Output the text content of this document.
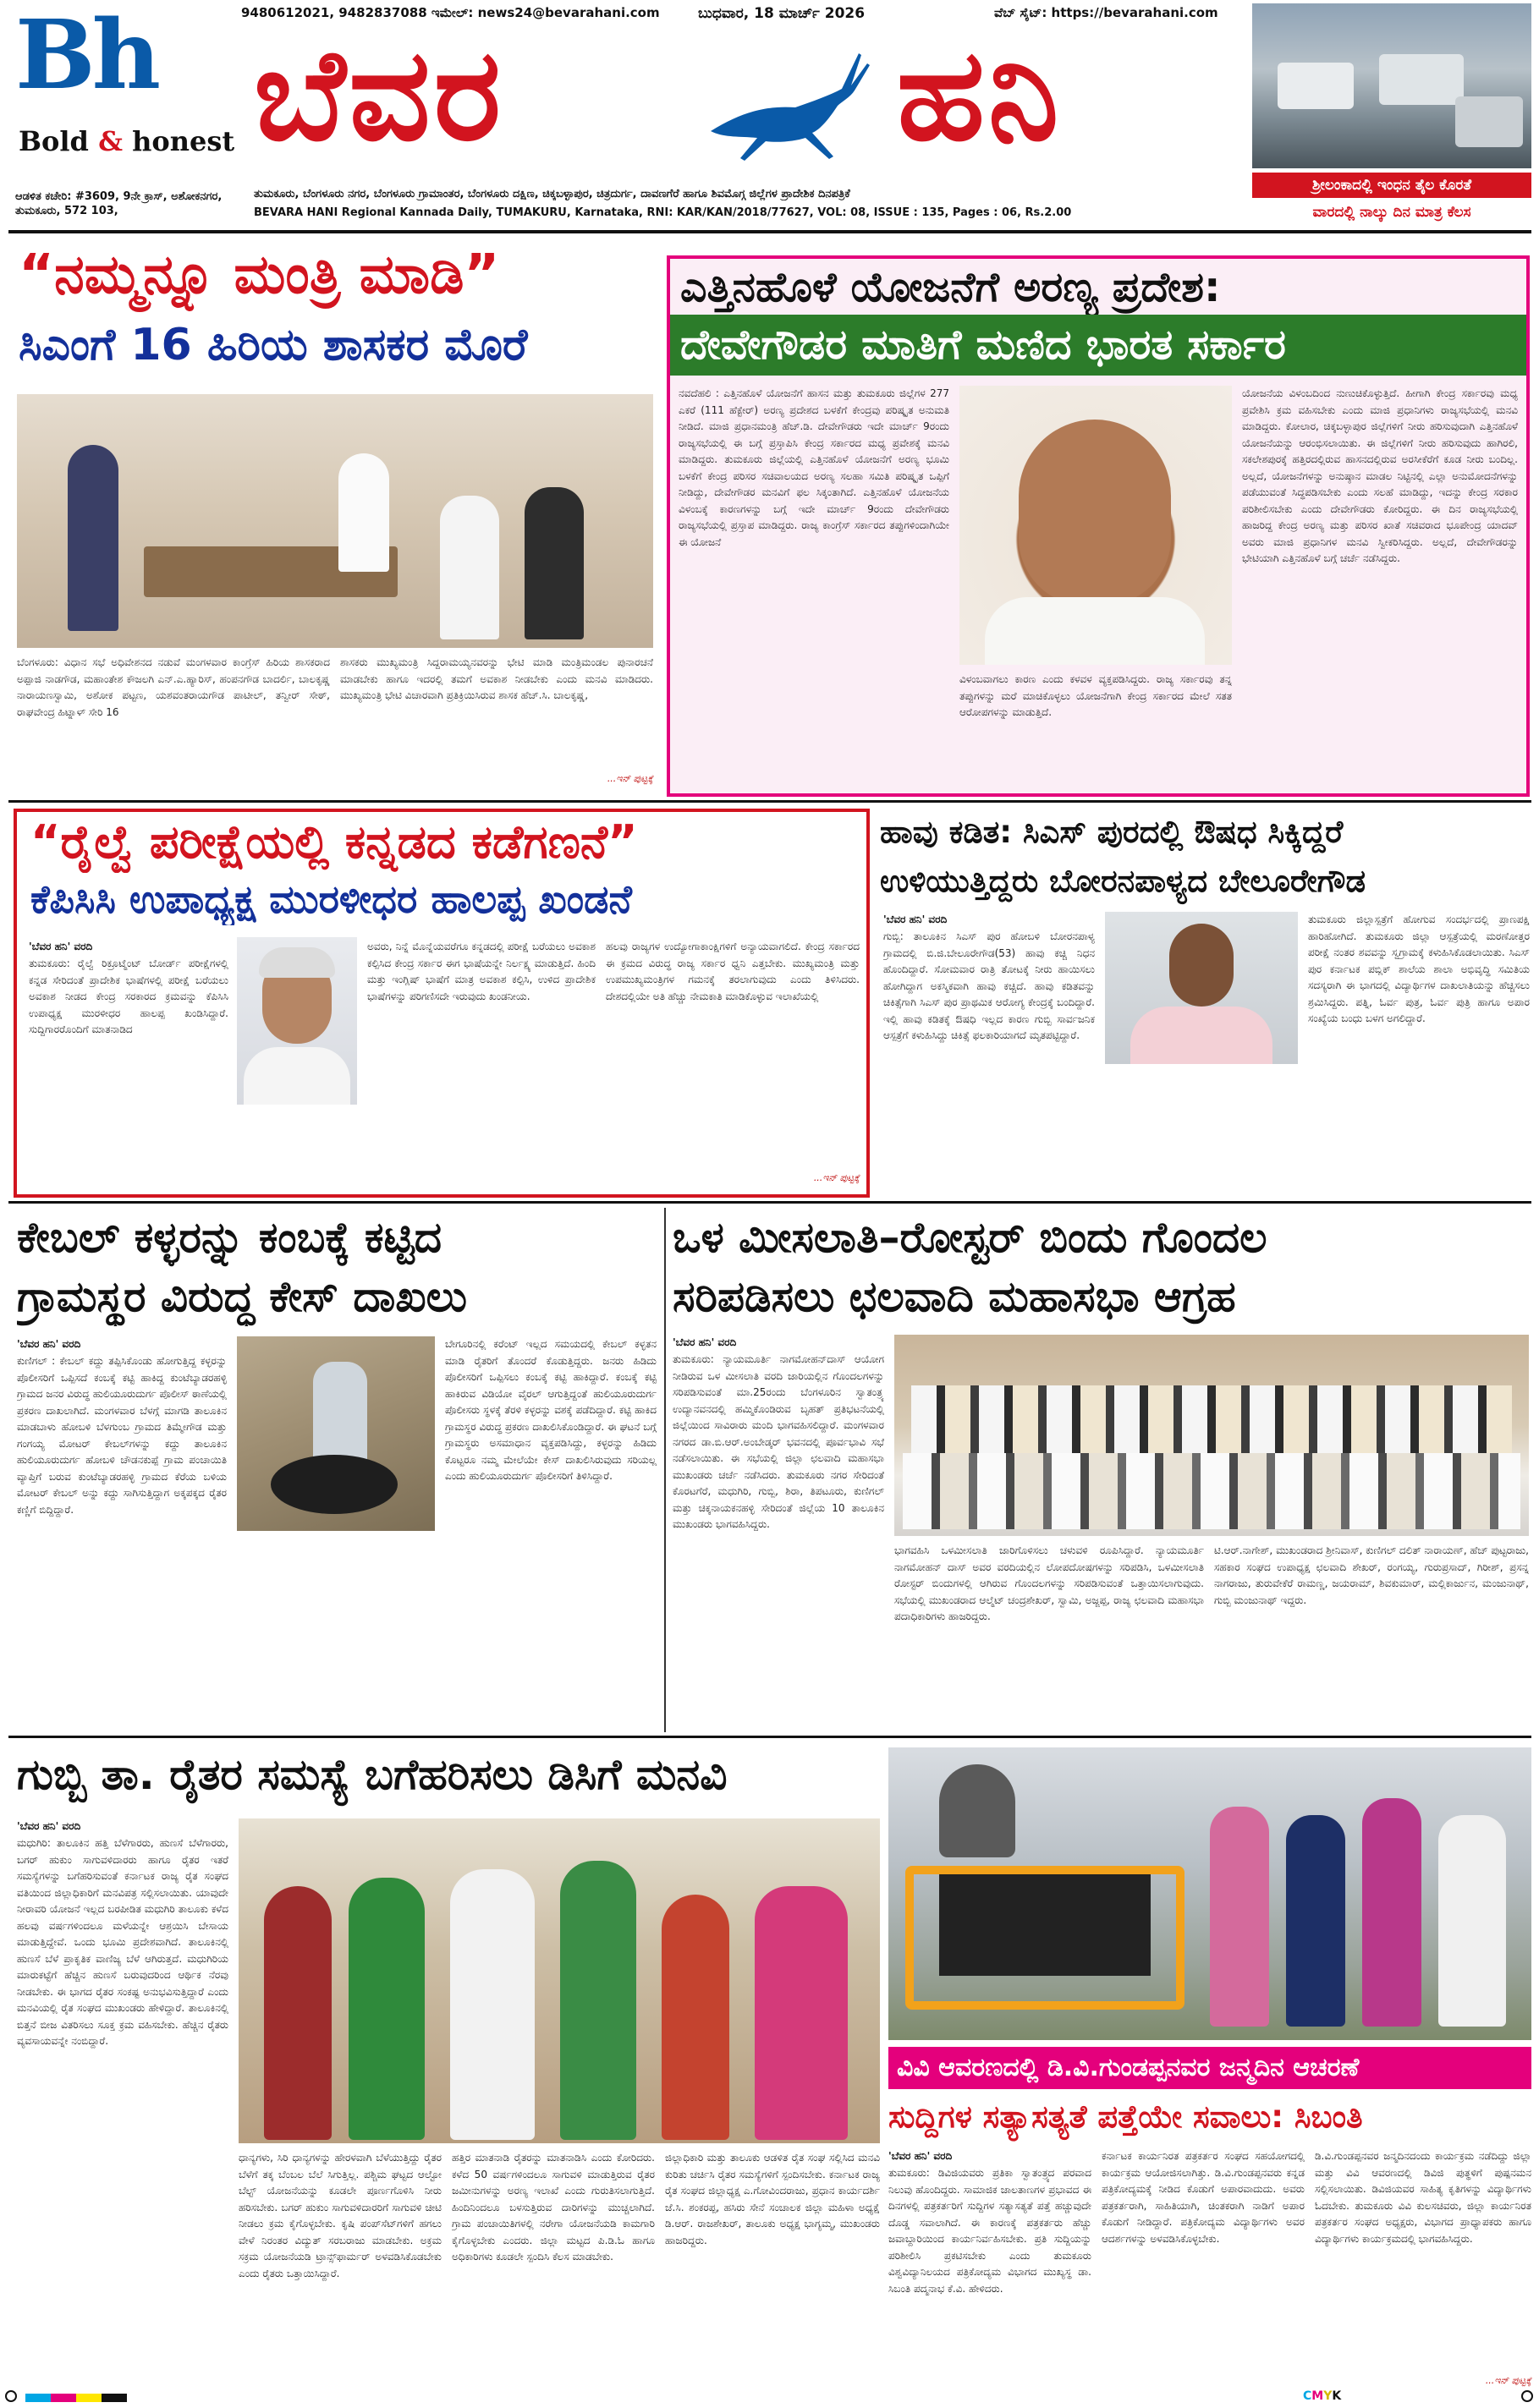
Bh
Bold & honest
9480612021, 9482837088 ಇಮೇಲ್: news24@bevarahani.com	ಬುಧವಾರ, 18 ಮಾರ್ಚ್ 2026	ವೆಬ್ ಸೈಟ್: https://bevarahani.com
ಬೆವರ	ಹನಿ
ಶ್ರೀಲಂಕಾದಲ್ಲಿ ಇಂಧನ ತೈಲ ಕೊರತೆ
ವಾರದಲ್ಲಿ ನಾಲ್ಕು ದಿನ ಮಾತ್ರ ಕೆಲಸ
ಆಡಳಿತ ಕಚೇರಿ: #3609, 9ನೇ ಕ್ರಾಸ್, ಅಶೋಕನಗರ, ತುಮಕೂರು, 572 103,
ತುಮಕೂರು, ಬೆಂಗಳೂರು ನಗರ, ಬೆಂಗಳೂರು ಗ್ರಾಮಾಂತರ, ಬೆಂಗಳೂರು ದಕ್ಷಿಣ, ಚಿಕ್ಕಬಳ್ಳಾಪುರ, ಚಿತ್ರದುರ್ಗ, ದಾವಣಗೆರೆ ಹಾಗೂ ಶಿವಮೊಗ್ಗ ಜಿಲ್ಲೆಗಳ ಪ್ರಾದೇಶಿಕ ದಿನಪತ್ರಿಕೆ
BEVARA HANI Regional Kannada Daily, TUMAKURU, Karnataka, RNI: KAR/KAN/2018/77627, VOL: 08, ISSUE : 135, Pages : 06, Rs.2.00
“ನಮ್ಮನ್ನೂ ಮಂತ್ರಿ ಮಾಡಿ”
ಸಿಎಂಗೆ 16 ಹಿರಿಯ ಶಾಸಕರ ಮೊರೆ
ಬೆಂಗಳೂರು: ವಿಧಾನ ಸಭೆ ಅಧಿವೇಶನದ ನಡುವೆ ಮಂಗಳವಾರ ಕಾಂಗ್ರೆಸ್ ಹಿರಿಯ ಶಾಸಕರಾದ ಅಪ್ಪಾಜಿ ನಾಡಗೌಡ, ಮಹಾಂತೇಶ ಕೌಜಲಗಿ ಎನ್.ಎ.ಹ್ಯಾರಿಸ್, ಹಂಪನಗೌಡ ಬಾದರ್ಲಿ, ಬಾಲಕೃಷ್ಣ ನಾರಾಯಣಸ್ವಾಮಿ, ಅಶೋಕ ಪಟ್ಟಣ, ಯಶವಂತರಾಯಗೌಡ ಪಾಟೀಲ್, ತನ್ವೀರ್ ಸೇಠ್, ರಾಘವೇಂದ್ರ ಹಿಟ್ನಾಳ್ ಸೇರಿ 16
ಶಾಸಕರು ಮುಖ್ಯಮಂತ್ರಿ ಸಿದ್ದರಾಮಯ್ಯನವರನ್ನು ಭೇಟಿ ಮಾಡಿ ಮಂತ್ರಿಮಂಡಲ ಪುನಾರಚನೆ ಮಾಡಬೇಕು ಹಾಗೂ ಇದರಲ್ಲಿ ತಮಗೆ ಅವಕಾಶ ನೀಡಬೇಕು ಎಂದು ಮನವಿ ಮಾಡಿದರು. ಮುಖ್ಯಮಂತ್ರಿ ಭೇಟಿ ವಿಚಾರವಾಗಿ ಪ್ರತಿಕ್ರಿಯಿಸಿರುವ ಶಾಸಕ ಹೆಚ್.ಸಿ. ಬಾಲಕೃಷ್ಣ,
...ಇನ್ ಪುಟ್ಟಕ್ಕೆ
ಎತ್ತಿನಹೊಳೆ ಯೋಜನೆಗೆ ಅರಣ್ಯ ಪ್ರದೇಶ:
ದೇವೇಗೌಡರ ಮಾತಿಗೆ ಮಣಿದ ಭಾರತ ಸರ್ಕಾರ
ನವದೆಹಲಿ : ಎತ್ತಿನಹೊಳೆ ಯೋಜನೆಗೆ ಹಾಸನ ಮತ್ತು ತುಮಕೂರು ಜಿಲ್ಲೆಗಳ 277 ಎಕರೆ (111 ಹೆಕ್ಟೇರ್) ಅರಣ್ಯ ಪ್ರದೇಶದ ಬಳಕೆಗೆ ಕೇಂದ್ರವು ಪರಿಷ್ಕೃತ ಅನುಮತಿ ನೀಡಿದೆ. ಮಾಜಿ ಪ್ರಧಾನಮಂತ್ರಿ ಹೆಚ್.ಡಿ. ದೇವೇಗೌಡರು ಇದೇ ಮಾರ್ಚ್ 9ರಂದು ರಾಜ್ಯಸಭೆಯಲ್ಲಿ ಈ ಬಗ್ಗೆ ಪ್ರಸ್ತಾಪಿಸಿ ಕೇಂದ್ರ ಸರ್ಕಾರದ ಮಧ್ಯ ಪ್ರವೇಶಕ್ಕೆ ಮನವಿ ಮಾಡಿದ್ದರು. ತುಮಕೂರು ಜಿಲ್ಲೆಯಲ್ಲಿ ಎತ್ತಿನಹೊಳೆ ಯೋಜನೆಗೆ ಅರಣ್ಯ ಭೂಮಿ ಬಳಕೆಗೆ ಕೇಂದ್ರ ಪರಿಸರ ಸಚಿವಾಲಯದ ಅರಣ್ಯ ಸಲಹಾ ಸಮಿತಿ ಪರಿಷ್ಕೃತ ಒಪ್ಪಿಗೆ ನೀಡಿದ್ದು, ದೇವೇಗೌಡರ ಮನವಿಗೆ ಫಲ ಸಿಕ್ಕಂತಾಗಿದೆ. ಎತ್ತಿನಹೊಳೆ ಯೋಜನೆಯ ವಿಳಂಬಕ್ಕೆ ಕಾರಣಗಳನ್ನು ಬಗ್ಗೆ ಇದೇ ಮಾರ್ಚ್ 9ರಂದು ದೇವೇಗೌಡರು ರಾಜ್ಯಸಭೆಯಲ್ಲಿ ಪ್ರಸ್ತಾಪ ಮಾಡಿದ್ದರು. ರಾಜ್ಯ ಕಾಂಗ್ರೆಸ್ ಸರ್ಕಾರದ ತಪ್ಪುಗಳಿಂದಾಗಿಯೇ ಈ ಯೋಜನೆ
ವಿಳಂಬವಾಗಲು ಕಾರಣ ಎಂದು ಕಳವಳ ವ್ಯಕ್ತಪಡಿಸಿದ್ದರು. ರಾಜ್ಯ ಸರ್ಕಾರವು ತನ್ನ ತಪ್ಪುಗಳನ್ನು ಮರೆ ಮಾಚಿಕೊಳ್ಳಲು ಯೋಜನೆಗಾಗಿ ಕೇಂದ್ರ ಸರ್ಕಾರದ ಮೇಲೆ ಸತತ ಆರೋಪಗಳನ್ನು ಮಾಡುತ್ತಿದೆ.
ಯೋಜನೆಯ ವಿಳಂಬದಿಂದ ನುಣುಚಿಕೊಳ್ಳುತ್ತಿದೆ. ಹೀಗಾಗಿ ಕೇಂದ್ರ ಸರ್ಕಾರವು ಮಧ್ಯ ಪ್ರವೇಶಿಸಿ ಕ್ರಮ ವಹಿಸಬೇಕು ಎಂದು ಮಾಜಿ ಪ್ರಧಾನಿಗಳು ರಾಜ್ಯಸಭೆಯಲ್ಲಿ ಮನವಿ ಮಾಡಿದ್ದರು. ಕೋಲಾರ, ಚಿಕ್ಕಬಳ್ಳಾಪುರ ಜಿಲ್ಲೆಗಳಿಗೆ ನೀರು ಹರಿಸುವುದಾಗಿ ಎತ್ತಿನಹೊಳೆ ಯೋಜನೆಯನ್ನು ಆರಂಭಿಸಲಾಯಿತು. ಈ ಜಿಲ್ಲೆಗಳಿಗೆ ನೀರು ಹರಿಸುವುದು ಹಾಗಿರಲಿ, ಸಕಲೇಶಪುರಕ್ಕೆ ಹತ್ತಿರದಲ್ಲಿರುವ ಹಾಸನದಲ್ಲಿರುವ ಅರಸೀಕೆರೆಗೆ ಕೂಡ ನೀರು ಬಂದಿಲ್ಲ. ಅಲ್ಲದೆ, ಯೋಜನೆಗಳನ್ನು ಅನುಷ್ಠಾನ ಮಾಡಲ ನಿಟ್ಟಿನಲ್ಲಿ ಎಲ್ಲಾ ಅನುಮೋದನೆಗಳನ್ನು ಪಡೆಯುವಂತೆ ಸಿದ್ಧಪಡಿಸಬೇಕು ಎಂದು ಸಲಹೆ ಮಾಡಿದ್ದು, ಇದನ್ನು ಕೇಂದ್ರ ಸರಕಾರ ಪರಿಶೀಲಿಸಬೇಕು ಎಂದು ದೇವೇಗೌಡರು ಕೋರಿದ್ದರು. ಈ ದಿನ ರಾಜ್ಯಸಭೆಯಲ್ಲಿ ಹಾಜರಿದ್ದ ಕೇಂದ್ರ ಅರಣ್ಯ ಮತ್ತು ಪರಿಸರ ಖಾತೆ ಸಚಿವರಾದ ಭೂಪೇಂದ್ರ ಯಾದವ್ ಅವರು ಮಾಜಿ ಪ್ರಧಾನಿಗಳ ಮನವಿ ಸ್ವೀಕರಿಸಿದ್ದರು. ಅಲ್ಲದೆ, ದೇವೇಗೌಡರನ್ನು ಭೇಟಿಯಾಗಿ ಎತ್ತಿನಹೊಳೆ ಬಗ್ಗೆ ಚರ್ಚೆ ನಡೆಸಿದ್ದರು.
“ರೈಲ್ವೆ ಪರೀಕ್ಷೆಯಲ್ಲಿ ಕನ್ನಡದ ಕಡೆಗಣನೆ”
ಕೆಪಿಸಿಸಿ ಉಪಾಧ್ಯಕ್ಷ ಮುರಳೀಧರ ಹಾಲಪ್ಪ ಖಂಡನೆ
'ಬೆವರ ಹನಿ' ವರದಿ
ತುಮಕೂರು: ರೈಲ್ವೆ ರಿಕ್ರೂಟ್ಮೆಂಟ್ ಬೋರ್ಡ್ ಪರೀಕ್ಷೆಗಳಲ್ಲಿ ಕನ್ನಡ ಸೇರಿದಂತೆ ಪ್ರಾದೇಶಿಕ ಭಾಷೆಗಳಲ್ಲಿ ಪರೀಕ್ಷೆ ಬರೆಯಲು ಅವಕಾಶ ನೀಡದ ಕೇಂದ್ರ ಸರಕಾರದ ಕ್ರಮವನ್ನು ಕೆಪಿಸಿಸಿ ಉಪಾಧ್ಯಕ್ಷ ಮುರಳೀಧರ ಹಾಲಪ್ಪ ಖಂಡಿಸಿದ್ದಾರೆ. ಸುದ್ದಿಗಾರರೊಂದಿಗೆ ಮಾತನಾಡಿದ
ಅವರು, ನಿನ್ನೆ ಮೊನ್ನೆಯವರೆಗೂ ಕನ್ನಡದಲ್ಲಿ ಪರೀಕ್ಷೆ ಬರೆಯಲು ಅವಕಾಶ ಕಲ್ಪಿಸಿದ ಕೇಂದ್ರ ಸರ್ಕಾರ ಈಗ ಭಾಷೆಯನ್ನೇ ನಿರ್ಲಕ್ಷ್ಯ ಮಾಡುತ್ತಿದೆ. ಹಿಂದಿ ಮತ್ತು ಇಂಗ್ಲಿಷ್ ಭಾಷೆಗೆ ಮಾತ್ರ ಅವಕಾಶ ಕಲ್ಪಿಸಿ, ಉಳಿದ ಪ್ರಾದೇಶಿಕ ಭಾಷೆಗಳನ್ನು ಪರಿಗಣಿಸದೇ ಇರುವುದು ಖಂಡನೀಯ.
ಹಲವು ರಾಜ್ಯಗಳ ಉದ್ಯೋಗಾಕಾಂಕ್ಷಿಗಳಿಗೆ ಅನ್ಯಾಯವಾಗಲಿದೆ. ಕೇಂದ್ರ ಸರ್ಕಾರದ ಈ ಕ್ರಮದ ವಿರುದ್ಧ ರಾಜ್ಯ ಸರ್ಕಾರ ಧ್ವನಿ ಎತ್ತಬೇಕು. ಮುಖ್ಯಮಂತ್ರಿ ಮತ್ತು ಉಪಮುಖ್ಯಮಂತ್ರಿಗಳ ಗಮನಕ್ಕೆ ತರಲಾಗುವುದು ಎಂದು ತಿಳಿಸಿದರು. ದೇಶದಲ್ಲಿಯೇ ಅತಿ ಹೆಚ್ಚು ನೇಮಕಾತಿ ಮಾಡಿಕೊಳ್ಳುವ ಇಲಾಖೆಯಲ್ಲಿ
...ಇನ್ ಪುಟ್ಟಕ್ಕೆ
ಹಾವು ಕಡಿತ: ಸಿಎಸ್ ಪುರದಲ್ಲಿ ಔಷಧ ಸಿಕ್ಕಿದ್ದರೆ
ಉಳಿಯುತ್ತಿದ್ದರು ಬೋರನಪಾಳ್ಯದ ಬೇಲೂರೇಗೌಡ
'ಬೆವರ ಹನಿ' ವರದಿ
ಗುಬ್ಬಿ: ತಾಲೂಕಿನ ಸಿಎಸ್ ಪುರ ಹೋಬಳಿ ಬೋರನಪಾಳ್ಯ ಗ್ರಾಮದಲ್ಲಿ ಬಿ.ಜಿ.ಬೇಲೂರೇಗೌಡ(53) ಹಾವು ಕಚ್ಚಿ ನಿಧನ ಹೊಂದಿದ್ದಾರೆ. ಸೋಮವಾರ ರಾತ್ರಿ ತೋಟಕ್ಕೆ ನೀರು ಹಾಯಿಸಲು ಹೋಗಿದ್ದಾಗ ಅಕಸ್ಮಿಕವಾಗಿ ಹಾವು ಕಚ್ಚಿದೆ. ಹಾವು ಕಡಿತವನ್ನು ಚಿಕಿತ್ಸೆಗಾಗಿ ಸಿಎಸ್ ಪುರ ಪ್ರಾಥಮಿಕ ಆರೋಗ್ಯ ಕೇಂದ್ರಕ್ಕೆ ಬಂದಿದ್ದಾರೆ. ಇಲ್ಲಿ ಹಾವು ಕಡಿತಕ್ಕೆ ಔಷಧಿ ಇಲ್ಲದ ಕಾರಣ ಗುಬ್ಬಿ ಸಾರ್ವಜನಿಕ ಆಸ್ಪತ್ರೆಗೆ ಕಳುಹಿಸಿದ್ದು ಚಿಕಿತ್ಸೆ ಫಲಕಾರಿಯಾಗದೆ ಮೃತಪಟ್ಟಿದ್ದಾರೆ.
ತುಮಕೂರು ಜಿಲ್ಲಾಸ್ಪತ್ರೆಗೆ ಹೋಗುವ ಸಂದರ್ಭದಲ್ಲಿ ಪ್ರಾಣಪಕ್ಷಿ ಹಾರಿಹೋಗಿದೆ. ತುಮಕೂರು ಜಿಲ್ಲಾ ಆಸ್ಪತ್ರೆಯಲ್ಲಿ ಮರಣೋತ್ತರ ಪರೀಕ್ಷೆ ನಂತರ ಶವವನ್ನು ಸ್ವಗ್ರಾಮಕ್ಕೆ ಕಳುಹಿಸಿಕೊಡಲಾಯಿತು. ಸಿಎಸ್ ಪುರ ಕರ್ನಾಟಕ ಪಬ್ಲಿಕ್ ಶಾಲೆಯ ಶಾಲಾ ಅಭಿವೃದ್ಧಿ ಸಮಿತಿಯ ಸದಸ್ಯರಾಗಿ ಈ ಭಾಗದಲ್ಲಿ ವಿದ್ಯಾರ್ಥಿಗಳ ದಾಖಲಾತಿಯನ್ನು ಹೆಚ್ಚಿಸಲು ಶ್ರಮಿಸಿದ್ದರು. ಪತ್ನಿ, ಓರ್ವ ಪುತ್ರ, ಓರ್ವ ಪುತ್ರಿ ಹಾಗೂ ಅಪಾರ ಸಂಖ್ಯೆಯ ಬಂಧು ಬಳಗ ಅಗಲಿದ್ದಾರೆ.
ಕೇಬಲ್ ಕಳ್ಳರನ್ನು ಕಂಬಕ್ಕೆ ಕಟ್ಟಿದ
ಗ್ರಾಮಸ್ಥರ ವಿರುದ್ಧ ಕೇಸ್ ದಾಖಲು
'ಬೆವರ ಹನಿ' ವರದಿ
ಕುಣಿಗಲ್ : ಕೇಬಲ್ ಕದ್ದು ತಪ್ಪಿಸಿಕೊಂಡು ಹೋಗುತ್ತಿದ್ದ ಕಳ್ಳರನ್ನು ಪೊಲೀಸರಿಗೆ ಒಪ್ಪಿಸದೆ ಕಂಬಕ್ಕೆ ಕಟ್ಟಿ ಹಾಕಿದ್ದ ಕುಂಟೆಬ್ಯಾಡರಹಳ್ಳಿ ಗ್ರಾಮದ ಜನರ ವಿರುದ್ಧ ಹುಲಿಯೂರುದುರ್ಗ ಪೊಲೀಸ್ ಠಾಣೆಯಲ್ಲಿ ಪ್ರಕರಣ ದಾಖಲಾಗಿದೆ. ಮಂಗಳವಾರ ಬೆಳಗ್ಗೆ ಮಾಗಡಿ ತಾಲೂಕಿನ ಮಾಡಬಾಳು ಹೋಬಳಿ ಬೆಳಗುಂಬ ಗ್ರಾಮದ ತಿಮ್ಮೇಗೌಡ ಮತ್ತು ಗಂಗಯ್ಯ ಮೋಟರ್ ಕೇಬಲ್‌ಗಳನ್ನು ಕದ್ದು ತಾಲೂಕಿನ ಹುಲಿಯೂರುದುರ್ಗ ಹೋಬಳಿ ಚೌಡನಕುಪ್ಪೆ ಗ್ರಾಮ ಪಂಚಾಯಿತಿ ವ್ಯಾಪ್ತಿಗೆ ಬರುವ ಕುಂಟೆಬ್ಯಾಡರಹಳ್ಳಿ ಗ್ರಾಮದ ಕೆರೆಯ ಬಳಿಯ ಮೋಟರ್ ಕೇಬಲ್ ಅನ್ನು ಕದ್ದು ಸಾಗಿಸುತ್ತಿದ್ದಾಗ ಅಕ್ಕಪಕ್ಕದ ರೈತರ ಕಣ್ಣಿಗೆ ಬಿದ್ದಿದ್ದಾರೆ.
ಬೇಗೂರಿನಲ್ಲಿ ಕರೆಂಟ್ ಇಲ್ಲದ ಸಮಯದಲ್ಲಿ ಕೇಬಲ್ ಕಳ್ಳತನ ಮಾಡಿ ರೈತರಿಗೆ ತೊಂದರೆ ಕೊಡುತ್ತಿದ್ದರು. ಜನರು ಹಿಡಿದು ಪೊಲೀಸರಿಗೆ ಒಪ್ಪಿಸಲು ಕಂಬಕ್ಕೆ ಕಟ್ಟಿ ಹಾಕಿದ್ದಾರೆ. ಕಂಬಕ್ಕೆ ಕಟ್ಟಿ ಹಾಕಿರುವ ವಿಡಿಯೋ ವೈರಲ್ ಆಗುತ್ತಿದ್ದಂತೆ ಹುಲಿಯೂರುದುರ್ಗ ಪೊಲೀಸರು ಸ್ಥಳಕ್ಕೆ ತೆರಳಿ ಕಳ್ಳರನ್ನು ವಶಕ್ಕೆ ಪಡೆದಿದ್ದಾರೆ. ಕಟ್ಟಿ ಹಾಕಿದ ಗ್ರಾಮಸ್ಥರ ವಿರುದ್ಧ ಪ್ರಕರಣ ದಾಖಲಿಸಿಕೊಂಡಿದ್ದಾರೆ. ಈ ಘಟನೆ ಬಗ್ಗೆ ಗ್ರಾಮಸ್ಥರು ಅಸಮಾಧಾನ ವ್ಯಕ್ತಪಡಿಸಿದ್ದು, ಕಳ್ಳರನ್ನು ಹಿಡಿದು ಕೊಟ್ಟರೂ ನಮ್ಮ ಮೇಲೆಯೇ ಕೇಸ್ ದಾಖಲಿಸಿರುವುದು ಸರಿಯಲ್ಲ ಎಂದು ಹುಲಿಯೂರುದುರ್ಗ ಪೊಲೀಸರಿಗೆ ತಿಳಿಸಿದ್ದಾರೆ.
ಒಳ ಮೀಸಲಾತಿ–ರೋಸ್ಟರ್ ಬಿಂದು ಗೊಂದಲ
ಸರಿಪಡಿಸಲು ಛಲವಾದಿ ಮಹಾಸಭಾ ಆಗ್ರಹ
'ಬೆವರ ಹನಿ' ವರದಿ
ತುಮಕೂರು: ನ್ಯಾಯಮೂರ್ತಿ ನಾಗಮೋಹನ್‌ದಾಸ್ ಆಯೋಗ ನೀಡಿರುವ ಒಳ ಮೀಸಲಾತಿ ವರದಿ ಜಾರಿಯಲ್ಲಿನ ಗೊಂದಲಗಳನ್ನು ಸರಿಪಡಿಸುವಂತೆ ಮಾ.25ರಂದು ಬೆಂಗಳೂರಿನ ಸ್ವಾತಂತ್ರ್ಯ ಉದ್ಯಾನವನದಲ್ಲಿ ಹಮ್ಮಿಕೊಂಡಿರುವ ಬೃಹತ್ ಪ್ರತಿಭಟನೆಯಲ್ಲಿ ಜಿಲ್ಲೆಯಿಂದ ಸಾವಿರಾರು ಮಂದಿ ಭಾಗವಹಿಸಲಿದ್ದಾರೆ. ಮಂಗಳವಾರ ನಗರದ ಡಾ.ಬಿ.ಆರ್.ಅಂಬೇಡ್ಕರ್ ಭವನದಲ್ಲಿ ಪೂರ್ವಭಾವಿ ಸಭೆ ನಡೆಸಲಾಯಿತು. ಈ ಸಭೆಯಲ್ಲಿ ಜಿಲ್ಲಾ ಛಲವಾದಿ ಮಹಾಸಭಾ ಮುಖಂಡರು ಚರ್ಚೆ ನಡೆಸಿದರು. ತುಮಕೂರು ನಗರ ಸೇರಿದಂತೆ ಕೊರಟಗೆರೆ, ಮಧುಗಿರಿ, ಗುಬ್ಬಿ, ಶಿರಾ, ತಿಪಟೂರು, ಕುಣಿಗಲ್ ಮತ್ತು ಚಿಕ್ಕನಾಯಕನಹಳ್ಳಿ ಸೇರಿದಂತೆ ಜಿಲ್ಲೆಯ 10 ತಾಲೂಕಿನ ಮುಖಂಡರು ಭಾಗವಹಿಸಿದ್ದರು.
ಭಾಗವಹಿಸಿ ಒಳಮೀಸಲಾತಿ ಜಾರಿಗೊಳಿಸಲು ಚಳುವಳಿ ರೂಪಿಸಿದ್ದಾರೆ. ನ್ಯಾಯಮೂರ್ತಿ ನಾಗಮೋಹನ್ ದಾಸ್ ಅವರ ವರದಿಯಲ್ಲಿನ ಲೋಪದೋಷಗಳನ್ನು ಸರಿಪಡಿಸಿ, ಒಳಮೀಸಲಾತಿ ರೋಸ್ಟರ್ ಬಿಂದುಗಳಲ್ಲಿ ಆಗಿರುವ ಗೊಂದಲಗಳನ್ನು ಸರಿಪಡಿಸುವಂತೆ ಒತ್ತಾಯಿಸಲಾಗುವುದು. ಸಭೆಯಲ್ಲಿ ಮುಖಂಡರಾದ ಆಲ್ಮೆಟ್ ಚಂದ್ರಶೇಖರ್, ಸ್ವಾಮಿ, ಅಜ್ಜಪ್ಪ, ರಾಜ್ಯ ಛಲವಾದಿ ಮಹಾಸಭಾ ಪದಾಧಿಕಾರಿಗಳು ಹಾಜರಿದ್ದರು.
ಟಿ.ಆರ್.ನಾಗೇಶ್, ಮುಖಂಡರಾದ ಶ್ರೀನಿವಾಸ್, ಕುಣಿಗಲ್ ದಲಿತ್ ನಾರಾಯಣ್, ಹೆಚ್ ಪುಟ್ಟರಾಜು, ಸಹಕಾರ ಸಂಘದ ಉಪಾಧ್ಯಕ್ಷ ಛಲವಾದಿ ಶೇಖರ್, ರಂಗಯ್ಯ, ಗುರುಪ್ರಸಾದ್, ಗಿರೀಶ್, ಪ್ರಸನ್ನ ನಾಗರಾಜು, ತುರುವೇಕೆರೆ ರಾಮಣ್ಣ, ಜಯರಾಮ್, ಶಿವಕುಮಾರ್, ಮಲ್ಲಿಕಾರ್ಜುನ, ಮಂಜುನಾಥ್, ಗುಬ್ಬಿ ಮಂಜುನಾಥ್ ಇದ್ದರು.
ಗುಬ್ಬಿ ತಾ. ರೈತರ ಸಮಸ್ಯೆ ಬಗೆಹರಿಸಲು ಡಿಸಿಗೆ ಮನವಿ
'ಬೆವರ ಹನಿ' ವರದಿ
ಮಧುಗಿರಿ: ತಾಲೂಕಿನ ಹತ್ತಿ ಬೆಳೆಗಾರರು, ಹುಣಸೆ ಬೆಳೆಗಾರರು, ಬಗರ್ ಹುಕುಂ ಸಾಗುವಳಿದಾರರು ಹಾಗೂ ರೈತರ ಇತರೆ ಸಮಸ್ಯೆಗಳನ್ನು ಬಗೆಹರಿಸುವಂತೆ ಕರ್ನಾಟಕ ರಾಜ್ಯ ರೈತ ಸಂಘದ ವತಿಯಿಂದ ಜಿಲ್ಲಾಧಿಕಾರಿಗೆ ಮನವಿಪತ್ರ ಸಲ್ಲಿಸಲಾಯಿತು. ಯಾವುದೇ ನೀರಾವರಿ ಯೋಜನೆ ಇಲ್ಲದ ಬರಪೀಡಿತ ಮಧುಗಿರಿ ತಾಲೂಕು ಕಳೆದ ಹಲವು ವರ್ಷಗಳಿಂದಲೂ ಮಳೆಯನ್ನೇ ಆಶ್ರಯಿಸಿ ಬೇಸಾಯ ಮಾಡುತ್ತಿದ್ದೇವೆ. ಒಂದು ಭೂಮಿ ಪ್ರದೇಶವಾಗಿದೆ. ತಾಲೂಕಿನಲ್ಲಿ ಹುಣಸೆ ಬೆಳೆ ಪ್ರಾಕೃತಿಕ ವಾಣಿಜ್ಯ ಬೆಳೆ ಆಗಿರುತ್ತದೆ. ಮಧುಗಿರಿಯ ಮಾರುಕಟ್ಟೆಗೆ ಹೆಚ್ಚಿನ ಹುಣಸೆ ಬರುವುದರಿಂದ ಆರ್ಥಿಕ ನೆರವು ನೀಡಬೇಕು. ಈ ಭಾಗದ ರೈತರ ಸಂಕಷ್ಟ ಅನುಭವಿಸುತ್ತಿದ್ದಾರೆ ಎಂದು ಮನವಿಯಲ್ಲಿ ರೈತ ಸಂಘದ ಮುಖಂಡರು ಹೇಳಿದ್ದಾರೆ. ತಾಲೂಕಿನಲ್ಲಿ ಬಿತ್ತನೆ ಬೀಜ ವಿತರಿಸಲು ಸೂಕ್ತ ಕ್ರಮ ವಹಿಸಬೇಕು. ಹೆಚ್ಚಿನ ರೈತರು ವ್ಯವಸಾಯವನ್ನೇ ನಂಬಿದ್ದಾರೆ.
ಧಾನ್ಯಗಳು, ಸಿರಿ ಧಾನ್ಯಗಳನ್ನು ಹೇರಳವಾಗಿ ಬೆಳೆಯುತ್ತಿದ್ದು ರೈತರ ಬೆಳೆಗೆ ತಕ್ಕ ಬೆಂಬಲ ಬೆಲೆ ಸಿಗುತ್ತಿಲ್ಲ. ಪಶ್ಚಿಮ ಘಟ್ಟದ ಆಲ್ಟೋ ಬೆಲ್ಟ್ ಯೋಜನೆಯನ್ನು ಕೂಡಲೇ ಪೂರ್ಣಗೊಳಿಸಿ ನೀರು ಹರಿಸಬೇಕು. ಬಗರ್ ಹುಕುಂ ಸಾಗುವಳಿದಾರರಿಗೆ ಸಾಗುವಳಿ ಚೀಟಿ ನೀಡಲು ಕ್ರಮ ಕೈಗೊಳ್ಳಬೇಕು. ಕೃಷಿ ಪಂಪ್‌ಸೆಟ್‌ಗಳಿಗೆ ಹಗಲು ವೇಳೆ ನಿರಂತರ ವಿದ್ಯುತ್ ಸರಬರಾಜು ಮಾಡಬೇಕು. ಅಕ್ರಮ ಸಕ್ರಮ ಯೋಜನೆಯಡಿ ಟ್ರಾನ್ಸ್‌ಫಾರ್ಮರ್ ಅಳವಡಿಸಿಕೊಡಬೇಕು ಎಂದು ರೈತರು ಒತ್ತಾಯಿಸಿದ್ದಾರೆ.
ಹತ್ತಿರ ಮಾತನಾಡಿ ರೈತರನ್ನು ಮಾತನಾಡಿಸಿ ಎಂದು ಕೋರಿದರು. ಕಳೆದ 50 ವರ್ಷಗಳಿಂದಲೂ ಸಾಗುವಳಿ ಮಾಡುತ್ತಿರುವ ರೈತರ ಜಮೀನುಗಳನ್ನು ಅರಣ್ಯ ಇಲಾಖೆ ಎಂದು ಗುರುತಿಸಲಾಗುತ್ತಿದೆ. ಹಿಂದಿನಿಂದಲೂ ಬಳಸುತ್ತಿರುವ ದಾರಿಗಳನ್ನು ಮುಚ್ಚಲಾಗಿದೆ. ಗ್ರಾಮ ಪಂಚಾಯಿತಿಗಳಲ್ಲಿ ನರೇಗಾ ಯೋಜನೆಯಡಿ ಕಾಮಗಾರಿ ಕೈಗೊಳ್ಳಬೇಕು ಎಂದರು. ಜಿಲ್ಲಾ ಮಟ್ಟದ ಪಿ.ಡಿ.ಓ ಹಾಗೂ ಅಧಿಕಾರಿಗಳು ಕೂಡಲೇ ಸ್ಪಂದಿಸಿ ಕೆಲಸ ಮಾಡಬೇಕು.
ಜಿಲ್ಲಾಧಿಕಾರಿ ಮತ್ತು ತಾಲೂಕು ಆಡಳಿತ ರೈತ ಸಂಘ ಸಲ್ಲಿಸಿದ ಮನವಿ ಕುರಿತು ಚರ್ಚಿಸಿ ರೈತರ ಸಮಸ್ಯೆಗಳಿಗೆ ಸ್ಪಂದಿಸಬೇಕು. ಕರ್ನಾಟಕ ರಾಜ್ಯ ರೈತ ಸಂಘದ ಜಿಲ್ಲಾಧ್ಯಕ್ಷ ಎ.ಗೋವಿಂದರಾಜು, ಪ್ರಧಾನ ಕಾರ್ಯದರ್ಶಿ ಜೆ.ಸಿ. ಶಂಕರಪ್ಪ, ಹಸಿರು ಸೇನೆ ಸಂಚಾಲಕ ಜಿಲ್ಲಾ ಮಹಿಳಾ ಅಧ್ಯಕ್ಷೆ ಡಿ.ಆರ್. ರಾಜಶೇಖರ್, ತಾಲೂಕು ಅಧ್ಯಕ್ಷ ಭಾಗ್ಯಮ್ಮ, ಮುಖಂಡರು ಹಾಜರಿದ್ದರು.
ವಿವಿ ಆವರಣದಲ್ಲಿ ಡಿ.ವಿ.ಗುಂಡಪ್ಪನವರ ಜನ್ಮದಿನ ಆಚರಣೆ
ಸುದ್ದಿಗಳ ಸತ್ಯಾಸತ್ಯತೆ ಪತ್ತೆಯೇ ಸವಾಲು: ಸಿಬಂತಿ
'ಬೆವರ ಹನಿ' ವರದಿ
ತುಮಕೂರು: ಡಿವಿಜಿಯವರು ಪ್ರತಿಕಾ ಸ್ವಾತಂತ್ರ್ಯದ ಪರವಾದ ನಿಲುವು ಹೊಂದಿದ್ದರು. ಸಾಮಾಜಿಕ ಜಾಲತಾಣಗಳ ಪ್ರಭಾವದ ಈ ದಿನಗಳಲ್ಲಿ ಪತ್ರಕರ್ತರಿಗೆ ಸುದ್ದಿಗಳ ಸತ್ಯಾಸತ್ಯತೆ ಪತ್ತೆ ಹಚ್ಚುವುದೇ ದೊಡ್ಡ ಸವಾಲಾಗಿದೆ. ಈ ಕಾರಣಕ್ಕೆ ಪತ್ರಕರ್ತರು ಹೆಚ್ಚು ಜವಾಬ್ದಾರಿಯಿಂದ ಕಾರ್ಯನಿರ್ವಹಿಸಬೇಕು. ಪ್ರತಿ ಸುದ್ದಿಯನ್ನು ಪರಿಶೀಲಿಸಿ ಪ್ರಕಟಿಸಬೇಕು ಎಂದು ತುಮಕೂರು ವಿಶ್ವವಿದ್ಯಾನಿಲಯದ ಪತ್ರಿಕೋದ್ಯಮ ವಿಭಾಗದ ಮುಖ್ಯಸ್ಥ ಡಾ. ಸಿಬಂತಿ ಪದ್ಮನಾಭ ಕೆ.ವಿ. ಹೇಳಿದರು.
ಕರ್ನಾಟಕ ಕಾರ್ಯನಿರತ ಪತ್ರಕರ್ತರ ಸಂಘದ ಸಹಯೋಗದಲ್ಲಿ ಕಾರ್ಯಕ್ರಮ ಆಯೋಜಿಸಲಾಗಿತ್ತು. ಡಿ.ವಿ.ಗುಂಡಪ್ಪನವರು ಕನ್ನಡ ಪತ್ರಿಕೋದ್ಯಮಕ್ಕೆ ನೀಡಿದ ಕೊಡುಗೆ ಅಪಾರವಾದುದು. ಅವರು ಪತ್ರಕರ್ತರಾಗಿ, ಸಾಹಿತಿಯಾಗಿ, ಚಿಂತಕರಾಗಿ ನಾಡಿಗೆ ಅಪಾರ ಕೊಡುಗೆ ನೀಡಿದ್ದಾರೆ. ಪತ್ರಿಕೋದ್ಯಮ ವಿದ್ಯಾರ್ಥಿಗಳು ಅವರ ಆದರ್ಶಗಳನ್ನು ಅಳವಡಿಸಿಕೊಳ್ಳಬೇಕು.
ಡಿ.ವಿ.ಗುಂಡಪ್ಪನವರ ಜನ್ಮದಿನದಂದು ಕಾರ್ಯಕ್ರಮ ನಡೆದಿದ್ದು ಜಿಲ್ಲಾ ಮತ್ತು ವಿವಿ ಆವರಣದಲ್ಲಿ ಡಿವಿಜಿ ಪುತ್ಥಳಿಗೆ ಪುಷ್ಪನಮನ ಸಲ್ಲಿಸಲಾಯಿತು. ಡಿವಿಜಿಯವರ ಸಾಹಿತ್ಯ ಕೃತಿಗಳನ್ನು ವಿದ್ಯಾರ್ಥಿಗಳು ಓದಬೇಕು. ತುಮಕೂರು ವಿವಿ ಕುಲಸಚಿವರು, ಜಿಲ್ಲಾ ಕಾರ್ಯನಿರತ ಪತ್ರಕರ್ತರ ಸಂಘದ ಅಧ್ಯಕ್ಷರು, ವಿಭಾಗದ ಪ್ರಾಧ್ಯಾಪಕರು ಹಾಗೂ ವಿದ್ಯಾರ್ಥಿಗಳು ಕಾರ್ಯಕ್ರಮದಲ್ಲಿ ಭಾಗವಹಿಸಿದ್ದರು.
...ಇನ್ ಪುಟ್ಟಕ್ಕೆ
CMYK
